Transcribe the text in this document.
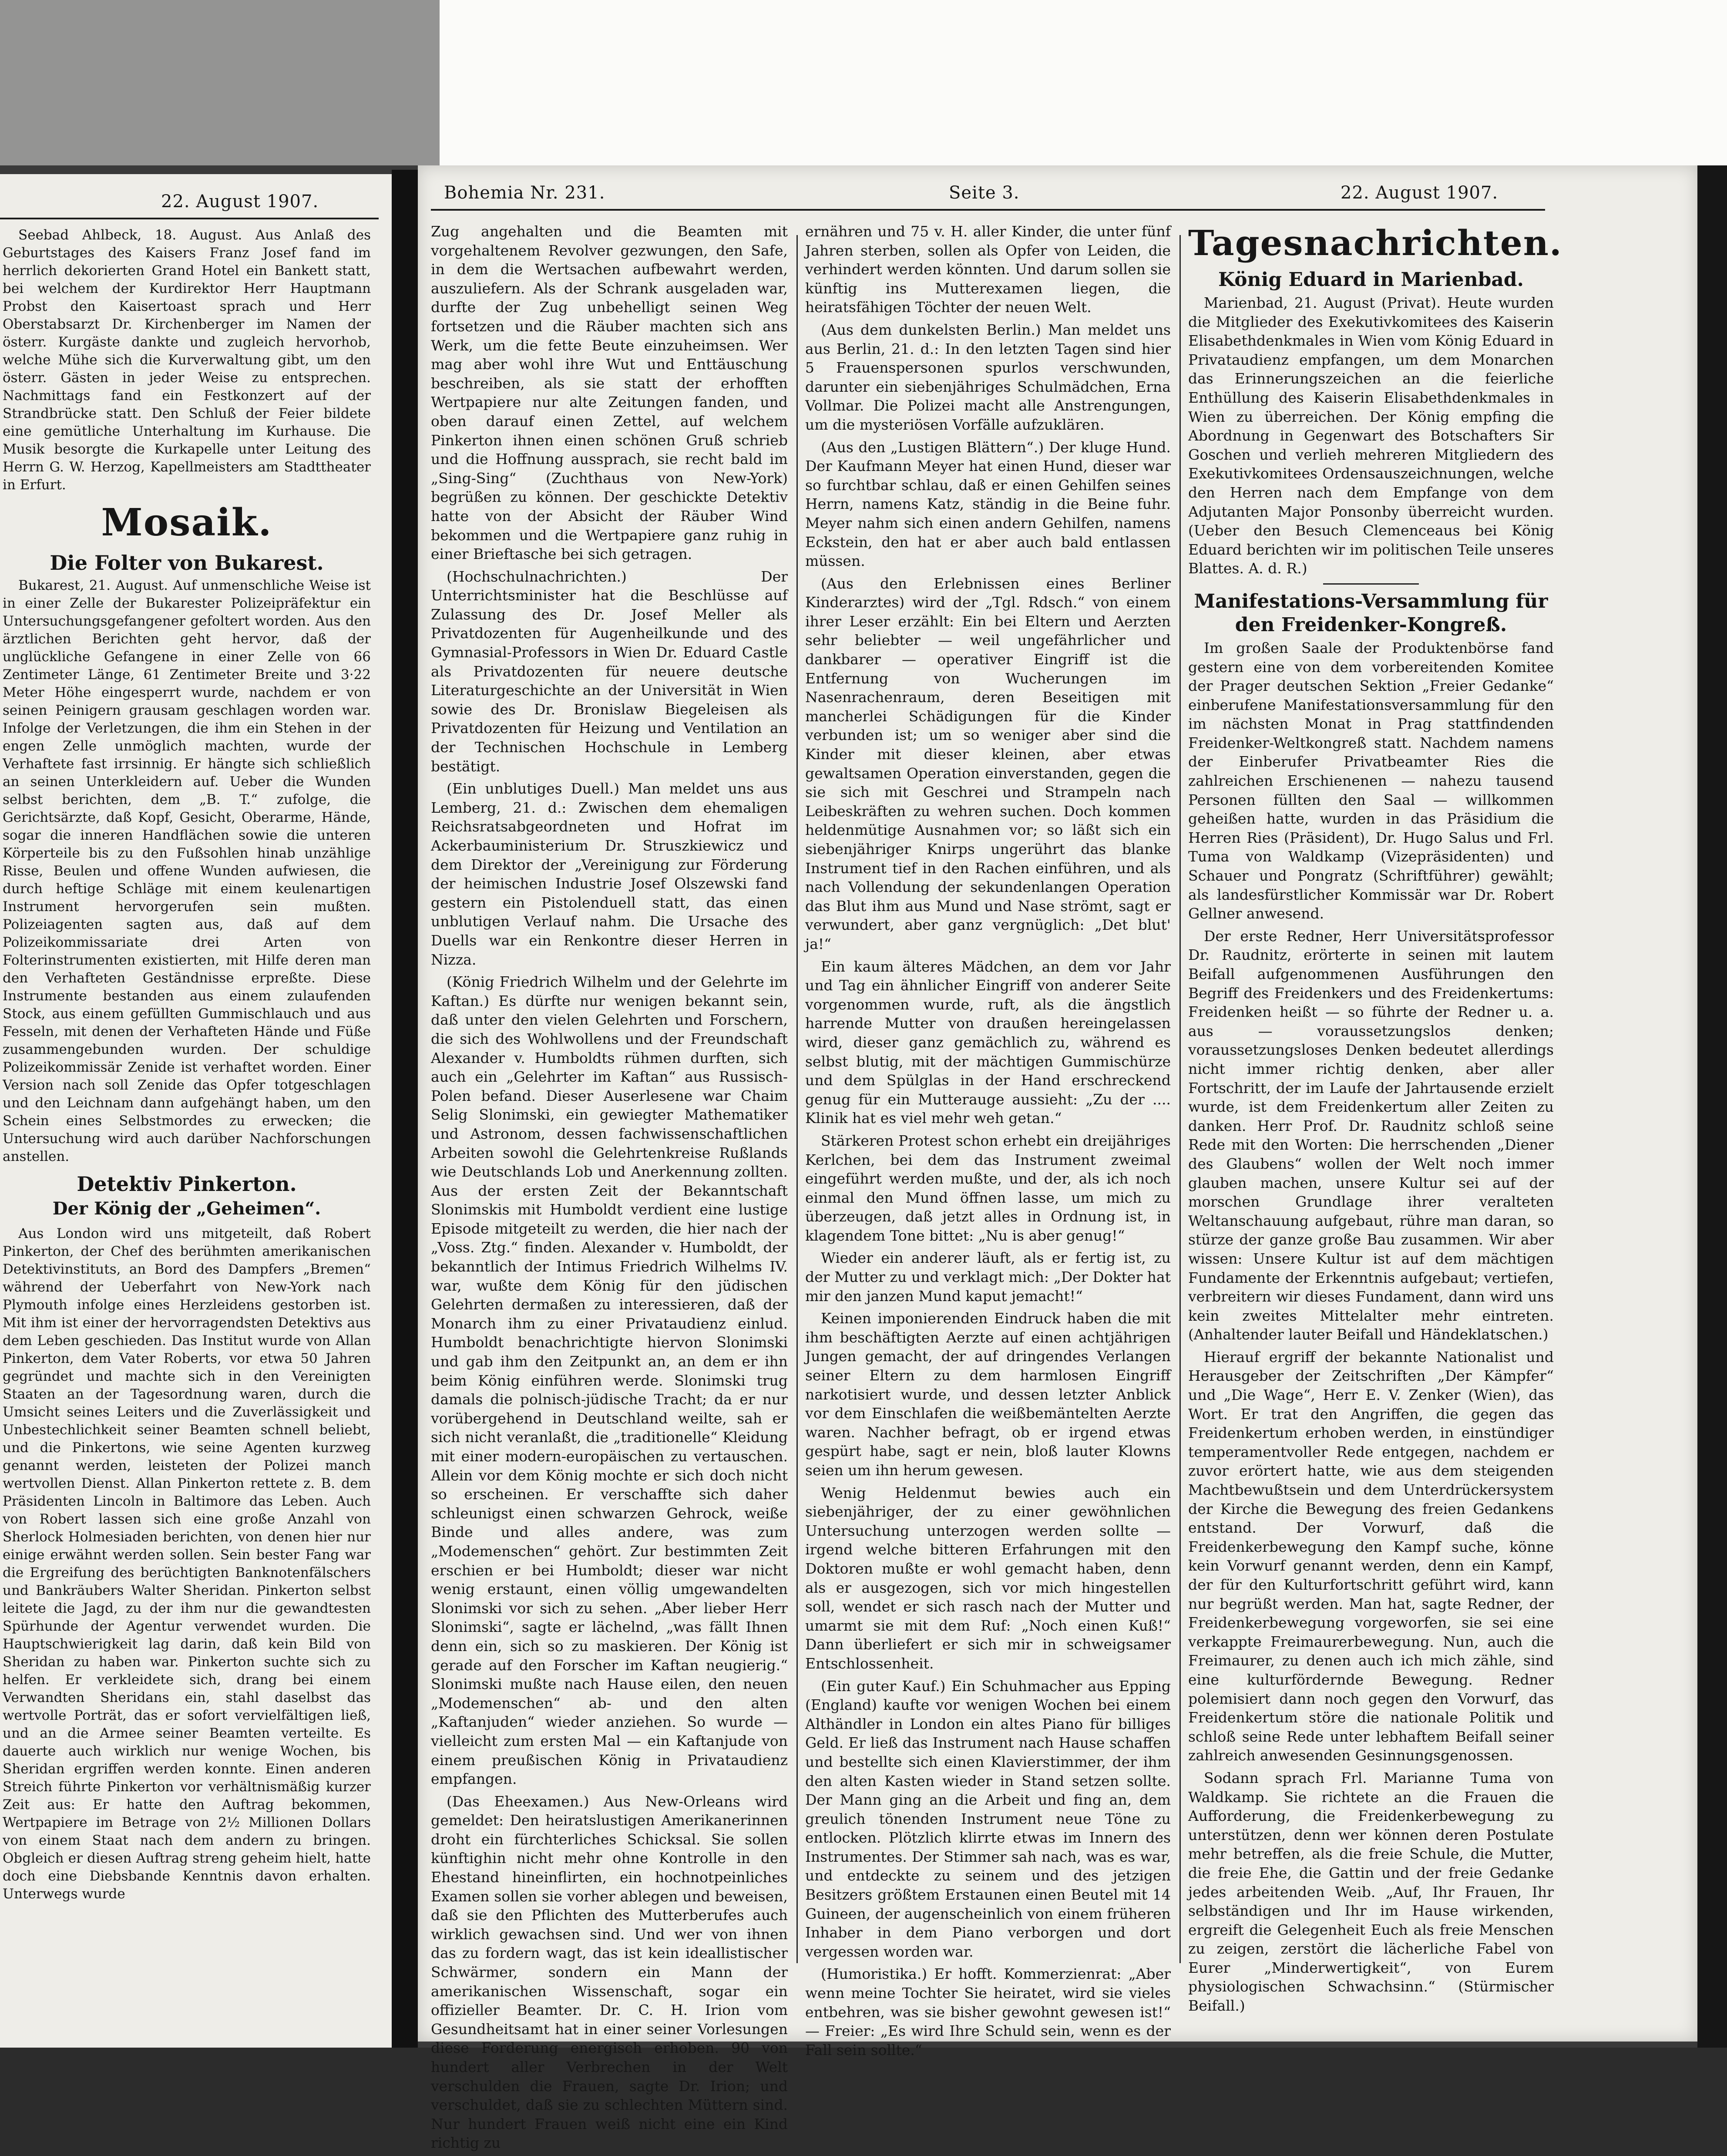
22. August 1907.

Seebad Ahlbeck, 18. August. Aus Anlaß des Geburtstages des Kaisers Franz Josef fand im herrlich dekorierten Grand Hotel ein Bankett statt, bei welchem der Kurdirektor Herr Hauptmann Probst den Kaisertoast sprach und Herr Oberstabsarzt Dr. Kirchenberger im Namen der österr. Kurgäste dankte und zugleich hervorhob, welche Mühe sich die Kurverwaltung gibt, um den österr. Gästen in jeder Weise zu entsprechen. Nachmittags fand ein Festkonzert auf der Strandbrücke statt. Den Schluß der Feier bildete eine gemütliche Unterhaltung im Kurhause. Die Musik besorgte die Kurkapelle unter Leitung des Herrn G. W. Herzog, Kapellmeisters am Stadttheater in Erfurt.

Mosaik.
Die Folter von Bukarest.

Bukarest, 21. August. Auf unmenschliche Weise ist in einer Zelle der Bukarester Polizeipräfektur ein Untersuchungsgefangener gefoltert worden. Aus den ärztlichen Berichten geht hervor, daß der unglückliche Gefangene in einer Zelle von 66 Zentimeter Länge, 61 Zentimeter Breite und 3·22 Meter Höhe eingesperrt wurde, nachdem er von seinen Peinigern grausam geschlagen worden war. Infolge der Verletzungen, die ihm ein Stehen in der engen Zelle unmöglich machten, wurde der Verhaftete fast irrsinnig. Er hängte sich schließlich an seinen Unterkleidern auf. Ueber die Wunden selbst berichten, dem „B. T.“ zufolge, die Gerichtsärzte, daß Kopf, Gesicht, Oberarme, Hände, sogar die inneren Handflächen sowie die unteren Körperteile bis zu den Fußsohlen hinab unzählige Risse, Beulen und offene Wunden aufwiesen, die durch heftige Schläge mit einem keulenartigen Instrument hervorgerufen sein mußten. Polizeiagenten sagten aus, daß auf dem Polizeikommissariate drei Arten von Folterinstrumenten existierten, mit Hilfe deren man den Verhafteten Geständnisse erpreßte. Diese Instrumente bestanden aus einem zulaufenden Stock, aus einem gefüllten Gummischlauch und aus Fesseln, mit denen der Verhafteten Hände und Füße zusammengebunden wurden. Der schuldige Polizeikommissär Zenide ist verhaftet worden. Einer Version nach soll Zenide das Opfer totgeschlagen und den Leichnam dann aufgehängt haben, um den Schein eines Selbstmordes zu erwecken; die Untersuchung wird auch darüber Nachforschungen anstellen.

Detektiv Pinkerton.
Der König der „Geheimen“.

Aus London wird uns mitgeteilt, daß Robert Pinkerton, der Chef des berühmten amerikanischen Detektivinstituts, an Bord des Dampfers „Bremen“ während der Ueberfahrt von New-York nach Plymouth infolge eines Herzleidens gestorben ist. Mit ihm ist einer der hervorragendsten Detektivs aus dem Leben geschieden. Das Institut wurde von Allan Pinkerton, dem Vater Roberts, vor etwa 50 Jahren gegründet und machte sich in den Vereinigten Staaten an der Tagesordnung waren, durch die Umsicht seines Leiters und die Zuverlässigkeit und Unbestechlichkeit seiner Beamten schnell beliebt, und die Pinkertons, wie seine Agenten kurzweg genannt werden, leisteten der Polizei manch wertvollen Dienst. Allan Pinkerton rettete z. B. dem Präsidenten Lincoln in Baltimore das Leben. Auch von Robert lassen sich eine große Anzahl von Sherlock Holmesiaden berichten, von denen hier nur einige erwähnt werden sollen. Sein bester Fang war die Ergreifung des berüchtigten Banknotenfälschers und Bankräubers Walter Sheridan. Pinkerton selbst leitete die Jagd, zu der ihm nur die gewandtesten Spürhunde der Agentur verwendet wurden. Die Hauptschwierigkeit lag darin, daß kein Bild von Sheridan zu haben war. Pinkerton suchte sich zu helfen. Er verkleidete sich, drang bei einem Verwandten Sheridans ein, stahl daselbst das wertvolle Porträt, das er sofort vervielfältigen ließ, und an die Armee seiner Beamten verteilte. Es dauerte auch wirklich nur wenige Wochen, bis Sheridan ergriffen werden konnte. Einen anderen Streich führte Pinkerton vor verhältnismäßig kurzer Zeit aus: Er hatte den Auftrag bekommen, Wertpapiere im Betrage von 2½ Millionen Dollars von einem Staat nach dem andern zu bringen. Obgleich er diesen Auftrag streng geheim hielt, hatte doch eine Diebsbande Kenntnis davon erhalten. Unterwegs wurde

Bohemia Nr. 231.	Seite 3.	22. August 1907.

Zug angehalten und die Beamten mit vorgehaltenem Revolver gezwungen, den Safe, in dem die Wertsachen aufbewahrt werden, auszuliefern. Als der Schrank ausgeladen war, durfte der Zug unbehelligt seinen Weg fortsetzen und die Räuber machten sich ans Werk, um die fette Beute einzuheimsen. Wer mag aber wohl ihre Wut und Enttäuschung beschreiben, als sie statt der erhofften Wertpapiere nur alte Zeitungen fanden, und oben darauf einen Zettel, auf welchem Pinkerton ihnen einen schönen Gruß schrieb und die Hoffnung aussprach, sie recht bald im „Sing-Sing“ (Zuchthaus von New-York) begrüßen zu können. Der geschickte Detektiv hatte von der Absicht der Räuber Wind bekommen und die Wertpapiere ganz ruhig in einer Brieftasche bei sich getragen.

(Hochschulnachrichten.) Der Unterrichtsminister hat die Beschlüsse auf Zulassung des Dr. Josef Meller als Privatdozenten für Augenheilkunde und des Gymnasial-Professors in Wien Dr. Eduard Castle als Privatdozenten für neuere deutsche Literaturgeschichte an der Universität in Wien sowie des Dr. Bronislaw Biegeleisen als Privatdozenten für Heizung und Ventilation an der Technischen Hochschule in Lemberg bestätigt.

(Ein unblutiges Duell.) Man meldet uns aus Lemberg, 21. d.: Zwischen dem ehemaligen Reichsratsabgeordneten und Hofrat im Ackerbauministerium Dr. Struszkiewicz und dem Direktor der „Vereinigung zur Förderung der heimischen Industrie Josef Olszewski fand gestern ein Pistolenduell statt, das einen unblutigen Verlauf nahm. Die Ursache des Duells war ein Renkontre dieser Herren in Nizza.

(König Friedrich Wilhelm und der Gelehrte im Kaftan.) Es dürfte nur wenigen bekannt sein, daß unter den vielen Gelehrten und Forschern, die sich des Wohlwollens und der Freundschaft Alexander v. Humboldts rühmen durften, sich auch ein „Gelehrter im Kaftan“ aus Russisch-Polen befand. Dieser Auserlesene war Chaim Selig Slonimski, ein gewiegter Mathematiker und Astronom, dessen fachwissenschaftlichen Arbeiten sowohl die Gelehrtenkreise Rußlands wie Deutschlands Lob und Anerkennung zollten. Aus der ersten Zeit der Bekanntschaft Slonimskis mit Humboldt verdient eine lustige Episode mitgeteilt zu werden, die hier nach der „Voss. Ztg.“ finden. Alexander v. Humboldt, der bekanntlich der Intimus Friedrich Wilhelms IV. war, wußte dem König für den jüdischen Gelehrten dermaßen zu interessieren, daß der Monarch ihm zu einer Privataudienz einlud. Humboldt benachrichtigte hiervon Slonimski und gab ihm den Zeitpunkt an, an dem er ihn beim König einführen werde. Slonimski trug damals die polnisch-jüdische Tracht; da er nur vorübergehend in Deutschland weilte, sah er sich nicht veranlaßt, die „traditionelle“ Kleidung mit einer modern-europäischen zu vertauschen. Allein vor dem König mochte er sich doch nicht so erscheinen. Er verschaffte sich daher schleunigst einen schwarzen Gehrock, weiße Binde und alles andere, was zum „Modemenschen“ gehört. Zur bestimmten Zeit erschien er bei Humboldt; dieser war nicht wenig erstaunt, einen völlig umgewandelten Slonimski vor sich zu sehen. „Aber lieber Herr Slonimski“, sagte er lächelnd, „was fällt Ihnen denn ein, sich so zu maskieren. Der König ist gerade auf den Forscher im Kaftan neugierig.“ Slonimski mußte nach Hause eilen, den neuen „Modemenschen“ ab- und den alten „Kaftanjuden“ wieder anziehen. So wurde — vielleicht zum ersten Mal — ein Kaftanjude von einem preußischen König in Privataudienz empfangen.

(Das Eheexamen.) Aus New-Orleans wird gemeldet: Den heiratslustigen Amerikanerinnen droht ein fürchterliches Schicksal. Sie sollen künftighin nicht mehr ohne Kontrolle in den Ehestand hineinflirten, ein hochnotpeinliches Examen sollen sie vorher ablegen und beweisen, daß sie den Pflichten des Mutterberufes auch wirklich gewachsen sind. Und wer von ihnen das zu fordern wagt, das ist kein ideallistischer Schwärmer, sondern ein Mann der amerikanischen Wissenschaft, sogar ein offizieller Beamter. Dr. C. H. Irion vom Gesundheitsamt hat in einer seiner Vorlesungen diese Forderung energisch erhoben. 90 von hundert aller Verbrechen in der Welt verschulden die Frauen, sagte Dr. Irion; und verschuldet, daß sie zu schlechten Müttern sind. Nur hundert Frauen weiß nicht eine ein Kind richtig zu

ernähren und 75 v. H. aller Kinder, die unter fünf Jahren sterben, sollen als Opfer von Leiden, die verhindert werden könnten. Und darum sollen sie künftig ins Mutterexamen liegen, die heiratsfähigen Töchter der neuen Welt.

(Aus dem dunkelsten Berlin.) Man meldet uns aus Berlin, 21. d.: In den letzten Tagen sind hier 5 Frauenspersonen spurlos verschwunden, darunter ein siebenjähriges Schulmädchen, Erna Vollmar. Die Polizei macht alle Anstrengungen, um die mysteriösen Vorfälle aufzuklären.

(Aus den „Lustigen Blättern“.) Der kluge Hund. Der Kaufmann Meyer hat einen Hund, dieser war so furchtbar schlau, daß er einen Gehilfen seines Herrn, namens Katz, ständig in die Beine fuhr. Meyer nahm sich einen andern Gehilfen, namens Eckstein, den hat er aber auch bald entlassen müssen.

(Aus den Erlebnissen eines Berliner Kinderarztes) wird der „Tgl. Rdsch.“ von einem ihrer Leser erzählt: Ein bei Eltern und Aerzten sehr beliebter — weil ungefährlicher und dankbarer — operativer Eingriff ist die Entfernung von Wucherungen im Nasenrachenraum, deren Beseitigen mit mancherlei Schädigungen für die Kinder verbunden ist; um so weniger aber sind die Kinder mit dieser kleinen, aber etwas gewaltsamen Operation einverstanden, gegen die sie sich mit Geschrei und Strampeln nach Leibeskräften zu wehren suchen. Doch kommen heldenmütige Ausnahmen vor; so läßt sich ein siebenjähriger Knirps ungerührt das blanke Instrument tief in den Rachen einführen, und als nach Vollendung der sekundenlangen Operation das Blut ihm aus Mund und Nase strömt, sagt er verwundert, aber ganz vergnüglich: „Det blut' ja!“

Ein kaum älteres Mädchen, an dem vor Jahr und Tag ein ähnlicher Eingriff von anderer Seite vorgenommen wurde, ruft, als die ängstlich harrende Mutter von draußen hereingelassen wird, dieser ganz gemächlich zu, während es selbst blutig, mit der mächtigen Gummischürze und dem Spülglas in der Hand erschreckend genug für ein Mutterauge aussieht: „Zu der .... Klinik hat es viel mehr weh getan.“

Stärkeren Protest schon erhebt ein dreijähriges Kerlchen, bei dem das Instrument zweimal eingeführt werden mußte, und der, als ich noch einmal den Mund öffnen lasse, um mich zu überzeugen, daß jetzt alles in Ordnung ist, in klagendem Tone bittet: „Nu is aber genug!“

Wieder ein anderer läuft, als er fertig ist, zu der Mutter zu und verklagt mich: „Der Dokter hat mir den janzen Mund kaput jemacht!“

Keinen imponierenden Eindruck haben die mit ihm beschäftigten Aerzte auf einen achtjährigen Jungen gemacht, der auf dringendes Verlangen seiner Eltern zu dem harmlosen Eingriff narkotisiert wurde, und dessen letzter Anblick vor dem Einschlafen die weißbemäntelten Aerzte waren. Nachher befragt, ob er irgend etwas gespürt habe, sagt er nein, bloß lauter Klowns seien um ihn herum gewesen.

Wenig Heldenmut bewies auch ein siebenjähriger, der zu einer gewöhnlichen Untersuchung unterzogen werden sollte — irgend welche bitteren Erfahrungen mit den Doktoren mußte er wohl gemacht haben, denn als er ausgezogen, sich vor mich hingestellen soll, wendet er sich rasch nach der Mutter und umarmt sie mit dem Ruf: „Noch einen Kuß!“ Dann überliefert er sich mir in schweigsamer Entschlossenheit.

(Ein guter Kauf.) Ein Schuhmacher aus Epping (England) kaufte vor wenigen Wochen bei einem Althändler in London ein altes Piano für billiges Geld. Er ließ das Instrument nach Hause schaffen und bestellte sich einen Klavierstimmer, der ihm den alten Kasten wieder in Stand setzen sollte. Der Mann ging an die Arbeit und fing an, dem greulich tönenden Instrument neue Töne zu entlocken. Plötzlich klirrte etwas im Innern des Instrumentes. Der Stimmer sah nach, was es war, und entdeckte zu seinem und des jetzigen Besitzers größtem Erstaunen einen Beutel mit 14 Guineen, der augenscheinlich von einem früheren Inhaber in dem Piano verborgen und dort vergessen worden war.

(Humoristika.) Er hofft. Kommerzienrat: „Aber wenn meine Tochter Sie heiratet, wird sie vieles entbehren, was sie bisher gewohnt gewesen ist!“ — Freier: „Es wird Ihre Schuld sein, wenn es der Fall sein sollte.“

Tagesnachrichten.
König Eduard in Marienbad.

Marienbad, 21. August (Privat). Heute wurden die Mitglieder des Exekutivkomitees des Kaiserin Elisabethdenkmales in Wien vom König Eduard in Privataudienz empfangen, um dem Monarchen das Erinnerungszeichen an die feierliche Enthüllung des Kaiserin Elisabethdenkmales in Wien zu überreichen. Der König empfing die Abordnung in Gegenwart des Botschafters Sir Goschen und verlieh mehreren Mitgliedern des Exekutivkomitees Ordensauszeichnungen, welche den Herren nach dem Empfange von dem Adjutanten Major Ponsonby überreicht wurden. (Ueber den Besuch Clemenceaus bei König Eduard berichten wir im politischen Teile unseres Blattes. A. d. R.)

Manifestations-Versammlung für den Freidenker-Kongreß.

Im großen Saale der Produktenbörse fand gestern eine von dem vorbereitenden Komitee der Prager deutschen Sektion „Freier Gedanke“ einberufene Manifestationsversammlung für den im nächsten Monat in Prag stattfindenden Freidenker-Weltkongreß statt. Nachdem namens der Einberufer Privatbeamter Ries die zahlreichen Erschienenen — nahezu tausend Personen füllten den Saal — willkommen geheißen hatte, wurden in das Präsidium die Herren Ries (Präsident), Dr. Hugo Salus und Frl. Tuma von Waldkamp (Vizepräsidenten) und Schauer und Pongratz (Schriftführer) gewählt; als landesfürstlicher Kommissär war Dr. Robert Gellner anwesend.

Der erste Redner, Herr Universitätsprofessor Dr. Raudnitz, erörterte in seinen mit lautem Beifall aufgenommenen Ausführungen den Begriff des Freidenkers und des Freidenkertums: Freidenken heißt — so führte der Redner u. a. aus — voraussetzungslos denken; voraussetzungsloses Denken bedeutet allerdings nicht immer richtig denken, aber aller Fortschritt, der im Laufe der Jahrtausende erzielt wurde, ist dem Freidenkertum aller Zeiten zu danken. Herr Prof. Dr. Raudnitz schloß seine Rede mit den Worten: Die herrschenden „Diener des Glaubens“ wollen der Welt noch immer glauben machen, unsere Kultur sei auf der morschen Grundlage ihrer veralteten Weltanschauung aufgebaut, rühre man daran, so stürze der ganze große Bau zusammen. Wir aber wissen: Unsere Kultur ist auf dem mächtigen Fundamente der Erkenntnis aufgebaut; vertiefen, verbreitern wir dieses Fundament, dann wird uns kein zweites Mittelalter mehr eintreten. (Anhaltender lauter Beifall und Händeklatschen.)

Hierauf ergriff der bekannte Nationalist und Herausgeber der Zeitschriften „Der Kämpfer“ und „Die Wage“, Herr E. V. Zenker (Wien), das Wort. Er trat den Angriffen, die gegen das Freidenkertum erhoben werden, in einstündiger temperamentvoller Rede entgegen, nachdem er zuvor erörtert hatte, wie aus dem steigenden Machtbewußtsein und dem Unterdrückersystem der Kirche die Bewegung des freien Gedankens entstand. Der Vorwurf, daß die Freidenkerbewegung den Kampf suche, könne kein Vorwurf genannt werden, denn ein Kampf, der für den Kulturfortschritt geführt wird, kann nur begrüßt werden. Man hat, sagte Redner, der Freidenkerbewegung vorgeworfen, sie sei eine verkappte Freimaurerbewegung. Nun, auch die Freimaurer, zu denen auch ich mich zähle, sind eine kulturfördernde Bewegung. Redner polemisiert dann noch gegen den Vorwurf, das Freidenkertum störe die nationale Politik und schloß seine Rede unter lebhaftem Beifall seiner zahlreich anwesenden Gesinnungsgenossen.

Sodann sprach Frl. Marianne Tuma von Waldkamp. Sie richtete an die Frauen die Aufforderung, die Freidenkerbewegung zu unterstützen, denn wer können deren Postulate mehr betreffen, als die freie Schule, die Mutter, die freie Ehe, die Gattin und der freie Gedanke jedes arbeitenden Weib. „Auf, Ihr Frauen, Ihr selbständigen und Ihr im Hause wirkenden, ergreift die Gelegenheit Euch als freie Menschen zu zeigen, zerstört die lächerliche Fabel von Eurer „Minderwertigkeit“, von Eurem physiologischen Schwachsinn.“ (Stürmischer Beifall.)
